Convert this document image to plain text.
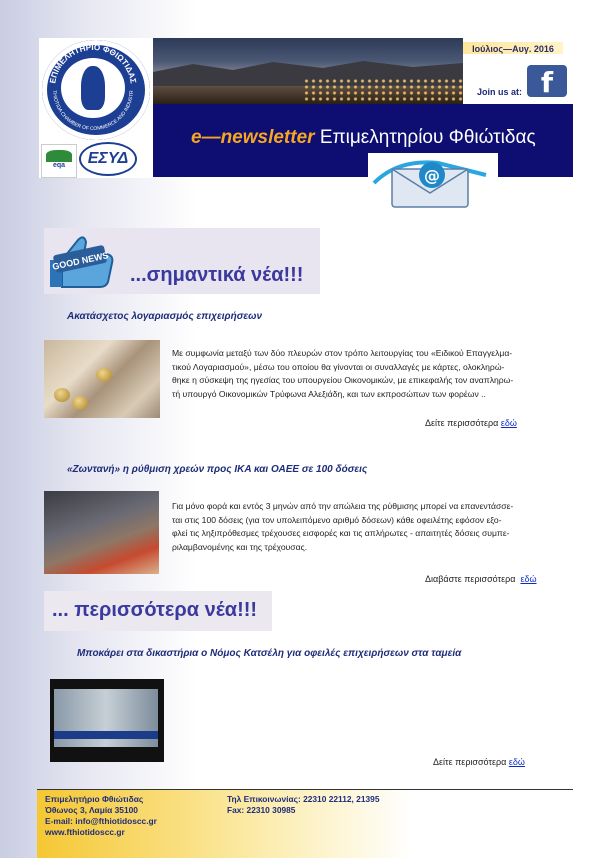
ΕΠΙΜΕΛΗΤΗΡΙΟ ΦΘΙΩΤΙΔΑΣ
THIOTIDA CHAMBER OF COMMERCE AND INDUSTR
eqa	ΕΣΥΔ
Ιούλιος—Αυγ. 2016
Join us at: f
e—newsletter Επιμελητηρίου Φθιώτιδας
@
GOOD NEWS
...σημαντικά νέα!!!
Ακατάσχετος λογαριασμός επιχειρήσεων
Με συμφωνία μεταξύ των δύο πλευρών στον τρόπο λειτουργίας του «Ειδικού Επαγγελμα-
τικού Λογαριασμού», μέσω του οποίου θα γίνονται οι συναλλαγές με κάρτες, ολοκληρώ-
θηκε η σύσκεψη της ηγεσίας του υπουργείου Οικονομικών, με επικεφαλής τον αναπληρω-
τή υπουργό Οικονομικών Τρύφωνα Αλεξιάδη, και των εκπροσώπων των φορέων ..
Δείτε περισσότερα εδώ
«Ζωντανή» η ρύθμιση χρεών προς ΙΚΑ και ΟΑΕΕ σε 100 δόσεις
Για μόνο φορά και εντός 3 μηνών από την απώλεια της ρύθμισης μπορεί να επανεντάσσε-
ται στις 100 δόσεις (για τον υπολειπόμενο αριθμό δόσεων) κάθε οφειλέτης εφόσον εξο-
φλεί τις ληξιπρόθεσμες τρέχουσες εισφορές και τις απλήρωτες - απαιτητές δόσεις συμπε-
ριλαμβανομένης και της τρέχουσας.
Διαβάστε περισσότερα εδώ
... περισσότερα νέα!!!
Μποκάρει στα δικαστήρια ο Νόμος Κατσέλη για οφειλές επιχειρήσεων στα ταμεία
Δείτε περισσότερα εδώ
Επιμελητήριο Φθιώτιδας
Όθωνος 3, Λαμία 35100
E-mail: info@fthiotidoscc.gr
www.fthiotidoscc.gr
Τηλ Επικοινωνίας: 22310 22112, 21395
Fax: 22310 30985
